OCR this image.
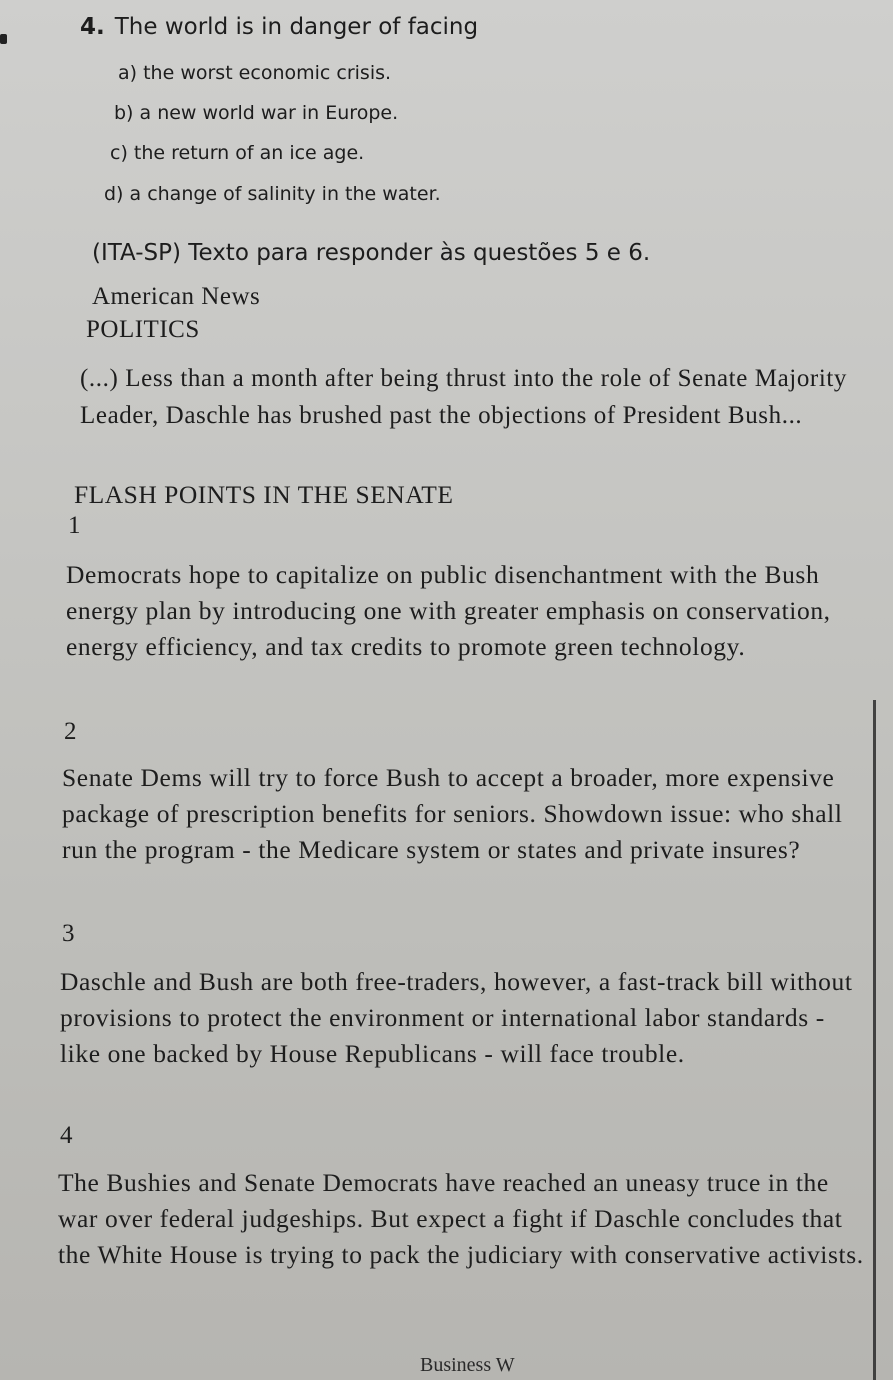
4. The world is in danger of facing
a) the worst economic crisis.
b) a new world war in Europe.
c) the return of an ice age.
d) a change of salinity in the water.
(ITA-SP) Texto para responder às questões 5 e 6.
American News
POLITICS
(...) Less than a month after being thrust into the role of Senate Majority Leader, Daschle has brushed past the objections of President Bush...
FLASH POINTS IN THE SENATE
1
Democrats hope to capitalize on public disenchantment with the Bush energy plan by introducing one with greater emphasis on conservation, energy efficiency, and tax credits to promote green technology.
2
Senate Dems will try to force Bush to accept a broader, more expensive package of prescription benefits for seniors. Showdown issue: who shall run the program - the Medicare system or states and private insures?
3
Daschle and Bush are both free-traders, however, a fast-track bill without provisions to protect the environment or international labor standards - like one backed by House Republicans - will face trouble.
4
The Bushies and Senate Democrats have reached an uneasy truce in the war over federal judgeships. But expect a fight if Daschle concludes that the White House is trying to pack the judiciary with conservative activists.
Business W
